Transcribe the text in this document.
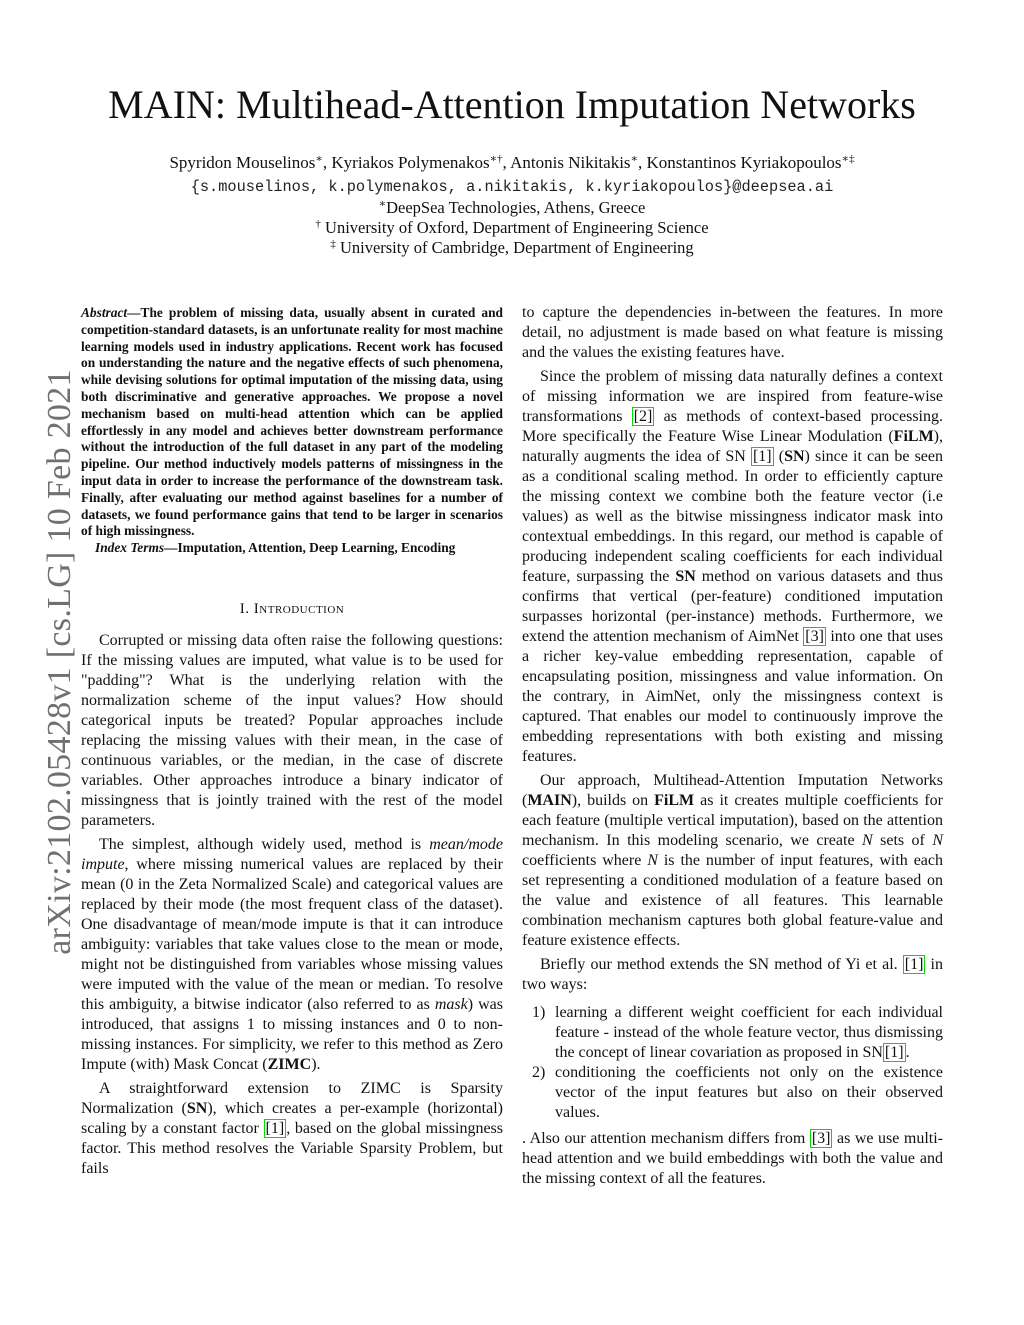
arXiv:2102.05428v1 [cs.LG] 10 Feb 2021
MAIN: Multihead-Attention Imputation Networks
Spyridon Mouselinos∗, Kyriakos Polymenakos∗†, Antonis Nikitakis∗, Konstantinos Kyriakopoulos∗‡
{s.mouselinos, k.polymenakos, a.nikitakis, k.kyriakopoulos}@deepsea.ai
∗DeepSea Technologies, Athens, Greece
† University of Oxford, Department of Engineering Science
‡ University of Cambridge, Department of Engineering

Abstract—The problem of missing data, usually absent in curated and competition-standard datasets, is an unfortunate reality for most machine learning models used in industry applications. Recent work has focused on understanding the nature and the negative effects of such phenomena, while devising solutions for optimal imputation of the missing data, using both discriminative and generative approaches. We propose a novel mechanism based on multi-head attention which can be applied effortlessly in any model and achieves better downstream performance without the introduction of the full dataset in any part of the modeling pipeline. Our method inductively models patterns of missingness in the input data in order to increase the performance of the downstream task. Finally, after evaluating our method against baselines for a number of datasets, we found performance gains that tend to be larger in scenarios of high missingness.

Index Terms—Imputation, Attention, Deep Learning, Encoding

I. Introduction

Corrupted or missing data often raise the following questions: If the missing values are imputed, what value is to be used for "padding"? What is the underlying relation with the normalization scheme of the input values? How should categorical inputs be treated? Popular approaches include replacing the missing values with their mean, in the case of continuous variables, or the median, in the case of discrete variables. Other approaches introduce a binary indicator of missingness that is jointly trained with the rest of the model parameters.

The simplest, although widely used, method is mean/mode impute, where missing numerical values are replaced by their mean (0 in the Zeta Normalized Scale) and categorical values are replaced by their mode (the most frequent class of the dataset). One disadvantage of mean/mode impute is that it can introduce ambiguity: variables that take values close to the mean or mode, might not be distinguished from variables whose missing values were imputed with the value of the mean or median. To resolve this ambiguity, a bitwise indicator (also referred to as mask) was introduced, that assigns 1 to missing instances and 0 to non-missing instances. For simplicity, we refer to this method as Zero Impute (with) Mask Concat (ZIMC).

A straightforward extension to ZIMC is Sparsity Normalization (SN), which creates a per-example (horizontal) scaling by a constant factor [1] , based on the global missingness factor. This method resolves the Variable Sparsity Problem, but fails

to capture the dependencies in-between the features. In more detail, no adjustment is made based on what feature is missing and the values the existing features have.

Since the problem of missing data naturally defines a context of missing information we are inspired from feature-wise transformations [2] as methods of context-based processing. More specifically the Feature Wise Linear Modulation (FiLM), naturally augments the idea of SN [1] (SN) since it can be seen as a conditional scaling method. In order to efficiently capture the missing context we combine both the feature vector (i.e values) as well as the bitwise missingness indicator mask into contextual embeddings. In this regard, our method is capable of producing independent scaling coefficients for each individual feature, surpassing the SN method on various datasets and thus confirms that vertical (per-feature) conditioned imputation surpasses horizontal (per-instance) methods. Furthermore, we extend the attention mechanism of AimNet [3] into one that uses a richer key-value embedding representation, capable of encapsulating position, missingness and value information. On the contrary, in AimNet, only the missingness context is captured. That enables our model to continuously improve the embedding representations with both existing and missing features.

Our approach, Multihead-Attention Imputation Networks (MAIN), builds on FiLM as it creates multiple coefficients for each feature (multiple vertical imputation), based on the attention mechanism. In this modeling scenario, we create N sets of N coefficients where N is the number of input features, with each set representing a conditioned modulation of a feature based on the value and existence of all features. This learnable combination mechanism captures both global feature-value and feature existence effects.

Briefly our method extends the SN method of Yi et al. [1] in two ways:

1) learning a different weight coefficient for each individual feature - instead of the whole feature vector, thus dismissing the concept of linear covariation as proposed in SN [1] .
2) conditioning the coefficients not only on the existence vector of the input features but also on their observed values.

. Also our attention mechanism differs from [3] as we use multi-head attention and we build embeddings with both the value and the missing context of all the features.
